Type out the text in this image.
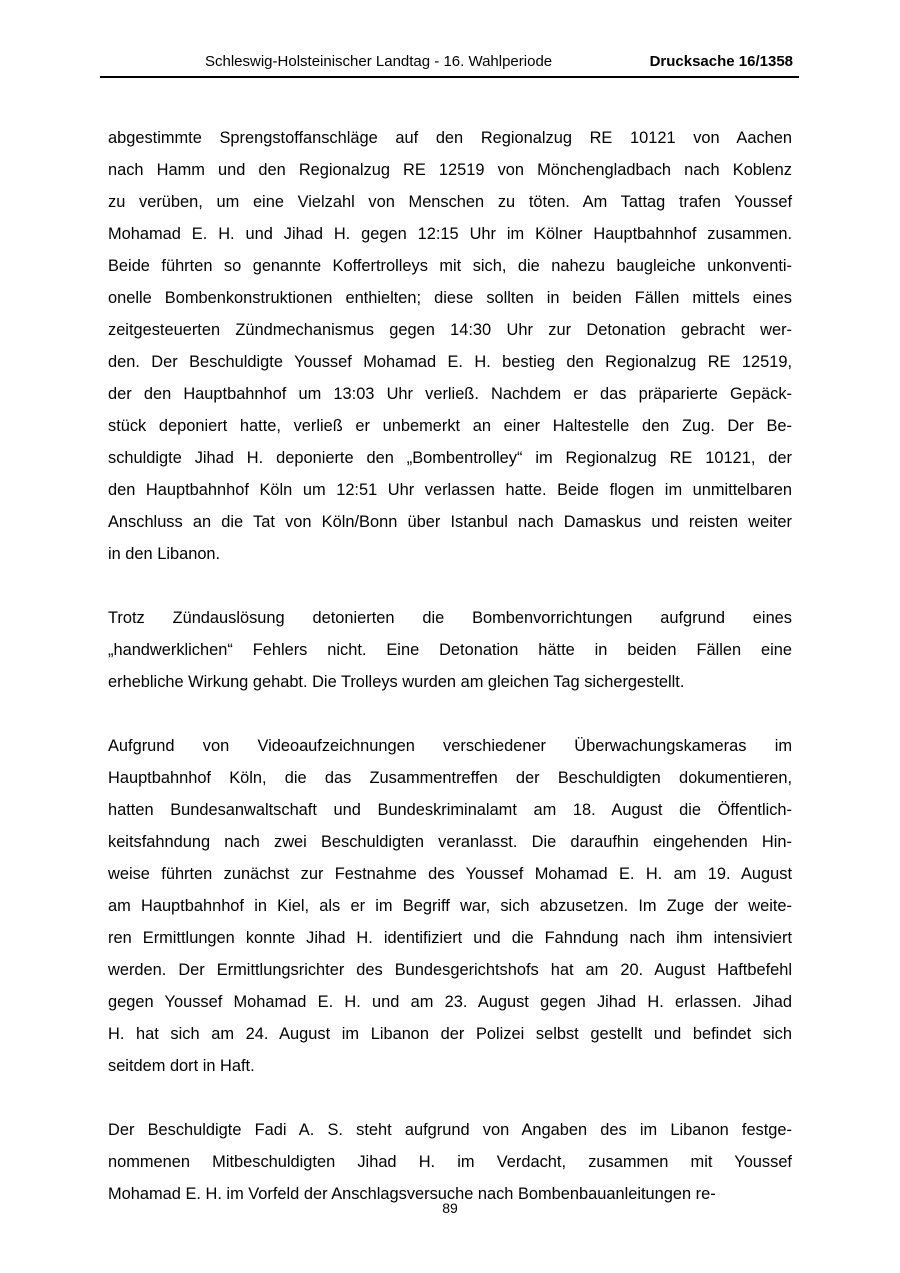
Schleswig-Holsteinischer Landtag - 16. Wahlperiode	Drucksache 16/1358

abgestimmte Sprengstoffanschläge auf den Regionalzug RE 10121 von Aachen
nach Hamm und den Regionalzug RE 12519 von Mönchengladbach nach Koblenz
zu verüben, um eine Vielzahl von Menschen zu töten. Am Tattag trafen Youssef
Mohamad E. H. und Jihad H. gegen 12:15 Uhr im Kölner Hauptbahnhof zusammen.
Beide führten so genannte Koffertrolleys mit sich, die nahezu baugleiche unkonventi-
onelle Bombenkonstruktionen enthielten; diese sollten in beiden Fällen mittels eines
zeitgesteuerten Zündmechanismus gegen 14:30 Uhr zur Detonation gebracht wer-
den. Der Beschuldigte Youssef Mohamad E. H. bestieg den Regionalzug RE 12519,
der den Hauptbahnhof um 13:03 Uhr verließ. Nachdem er das präparierte Gepäck-
stück deponiert hatte, verließ er unbemerkt an einer Haltestelle den Zug. Der Be-
schuldigte Jihad H. deponierte den „Bombentrolley“ im Regionalzug RE 10121, der
den Hauptbahnhof Köln um 12:51 Uhr verlassen hatte. Beide flogen im unmittelbaren
Anschluss an die Tat von Köln/Bonn über Istanbul nach Damaskus und reisten weiter
in den Libanon.

Trotz Zündauslösung detonierten die Bombenvorrichtungen aufgrund eines
„handwerklichen“ Fehlers nicht. Eine Detonation hätte in beiden Fällen eine
erhebliche Wirkung gehabt. Die Trolleys wurden am gleichen Tag sichergestellt.

Aufgrund von Videoaufzeichnungen verschiedener Überwachungskameras im
Hauptbahnhof Köln, die das Zusammentreffen der Beschuldigten dokumentieren,
hatten Bundesanwaltschaft und Bundeskriminalamt am 18. August die Öffentlich-
keitsfahndung nach zwei Beschuldigten veranlasst. Die daraufhin eingehenden Hin-
weise führten zunächst zur Festnahme des Youssef Mohamad E. H. am 19. August
am Hauptbahnhof in Kiel, als er im Begriff war, sich abzusetzen. Im Zuge der weite-
ren Ermittlungen konnte Jihad H. identifiziert und die Fahndung nach ihm intensiviert
werden. Der Ermittlungsrichter des Bundesgerichtshofs hat am 20. August Haftbefehl
gegen Youssef Mohamad E. H. und am 23. August gegen Jihad H. erlassen. Jihad
H. hat sich am 24. August im Libanon der Polizei selbst gestellt und befindet sich
seitdem dort in Haft.

Der Beschuldigte Fadi A. S. steht aufgrund von Angaben des im Libanon festge-
nommenen Mitbeschuldigten Jihad H. im Verdacht, zusammen mit Youssef
Mohamad E. H. im Vorfeld der Anschlagsversuche nach Bombenbauanleitungen re-

89
